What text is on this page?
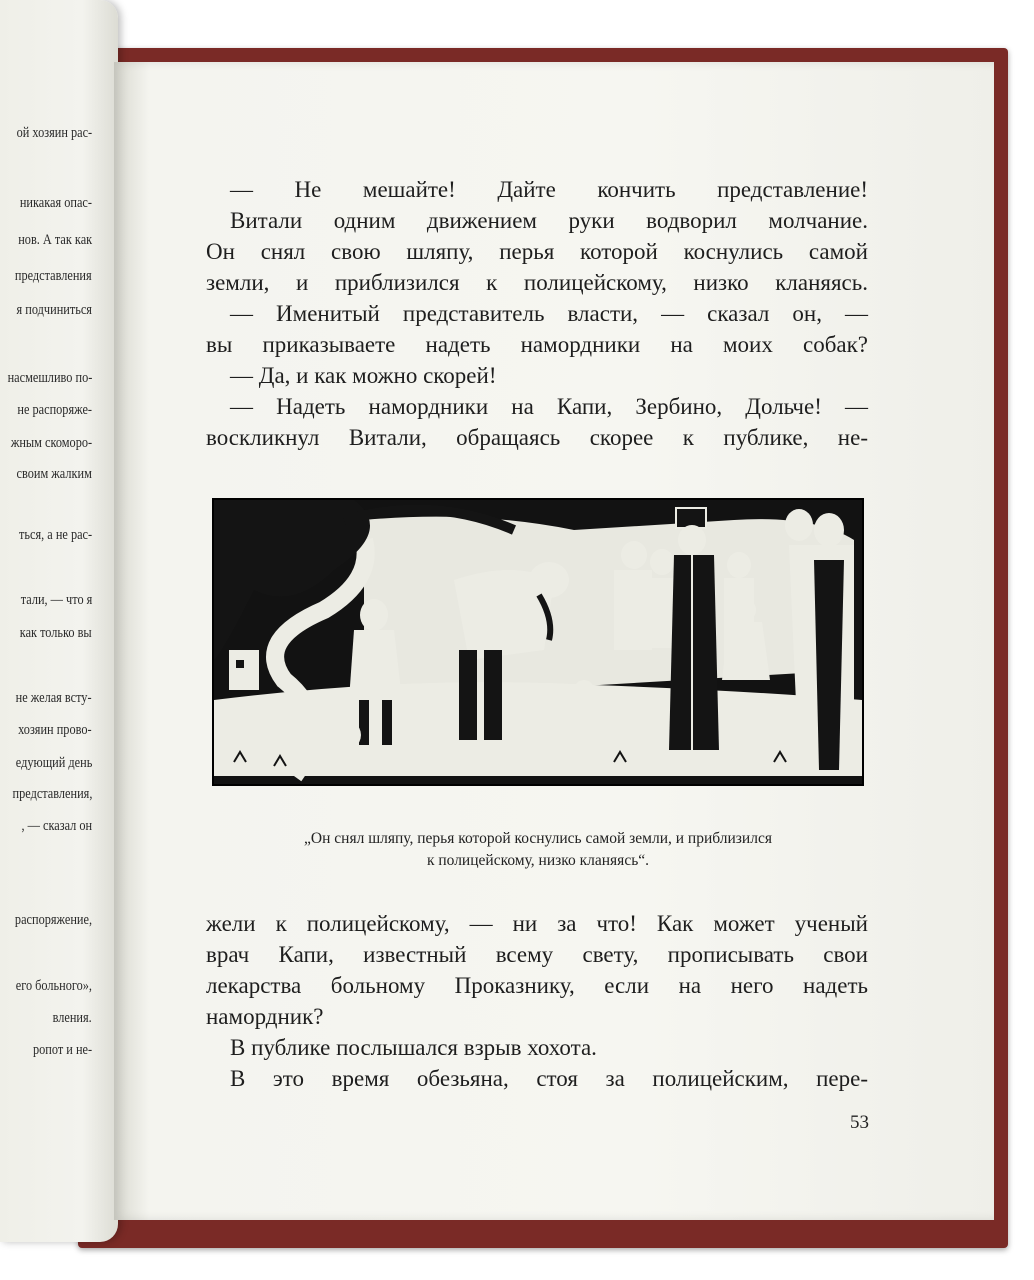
ой хозяин рас-
никакая опас-
нов. А так как
представления
я подчиниться
насмешливо по-
не распоряже-
жным скоморо-
своим жалким
ться, а не рас-
тали, — что я
как только вы
не желая всту-
хозяин прово-
едующий день
представления,
, — сказал он
распоряжение,
его больного»,
вления.
ропот и не-
— Не мешайте! Дайте кончить представление!
Витали одним движением руки водворил молчание.
Он снял свою шляпу, перья которой коснулись самой
земли, и приблизился к полицейскому, низко кланяясь.
— Именитый представитель власти, — сказал он, —
вы приказываете надеть намордники на моих собак?
— Да, и как можно скорей!
— Надеть намордники на Капи, Зербино, Дольче! —
воскликнул Витали, обращаясь скорее к публике, не-
„Он снял шляпу, перья которой коснулись самой земли, и приблизился
к полицейскому, низко кланяясь“.
жели к полицейскому, — ни за что! Как может ученый
врач Капи, известный всему свету, прописывать свои
лекарства больному Проказнику, если на него надеть
намордник?
В публике послышался взрыв хохота.
В это время обезьяна, стоя за полицейским, пере-
53
